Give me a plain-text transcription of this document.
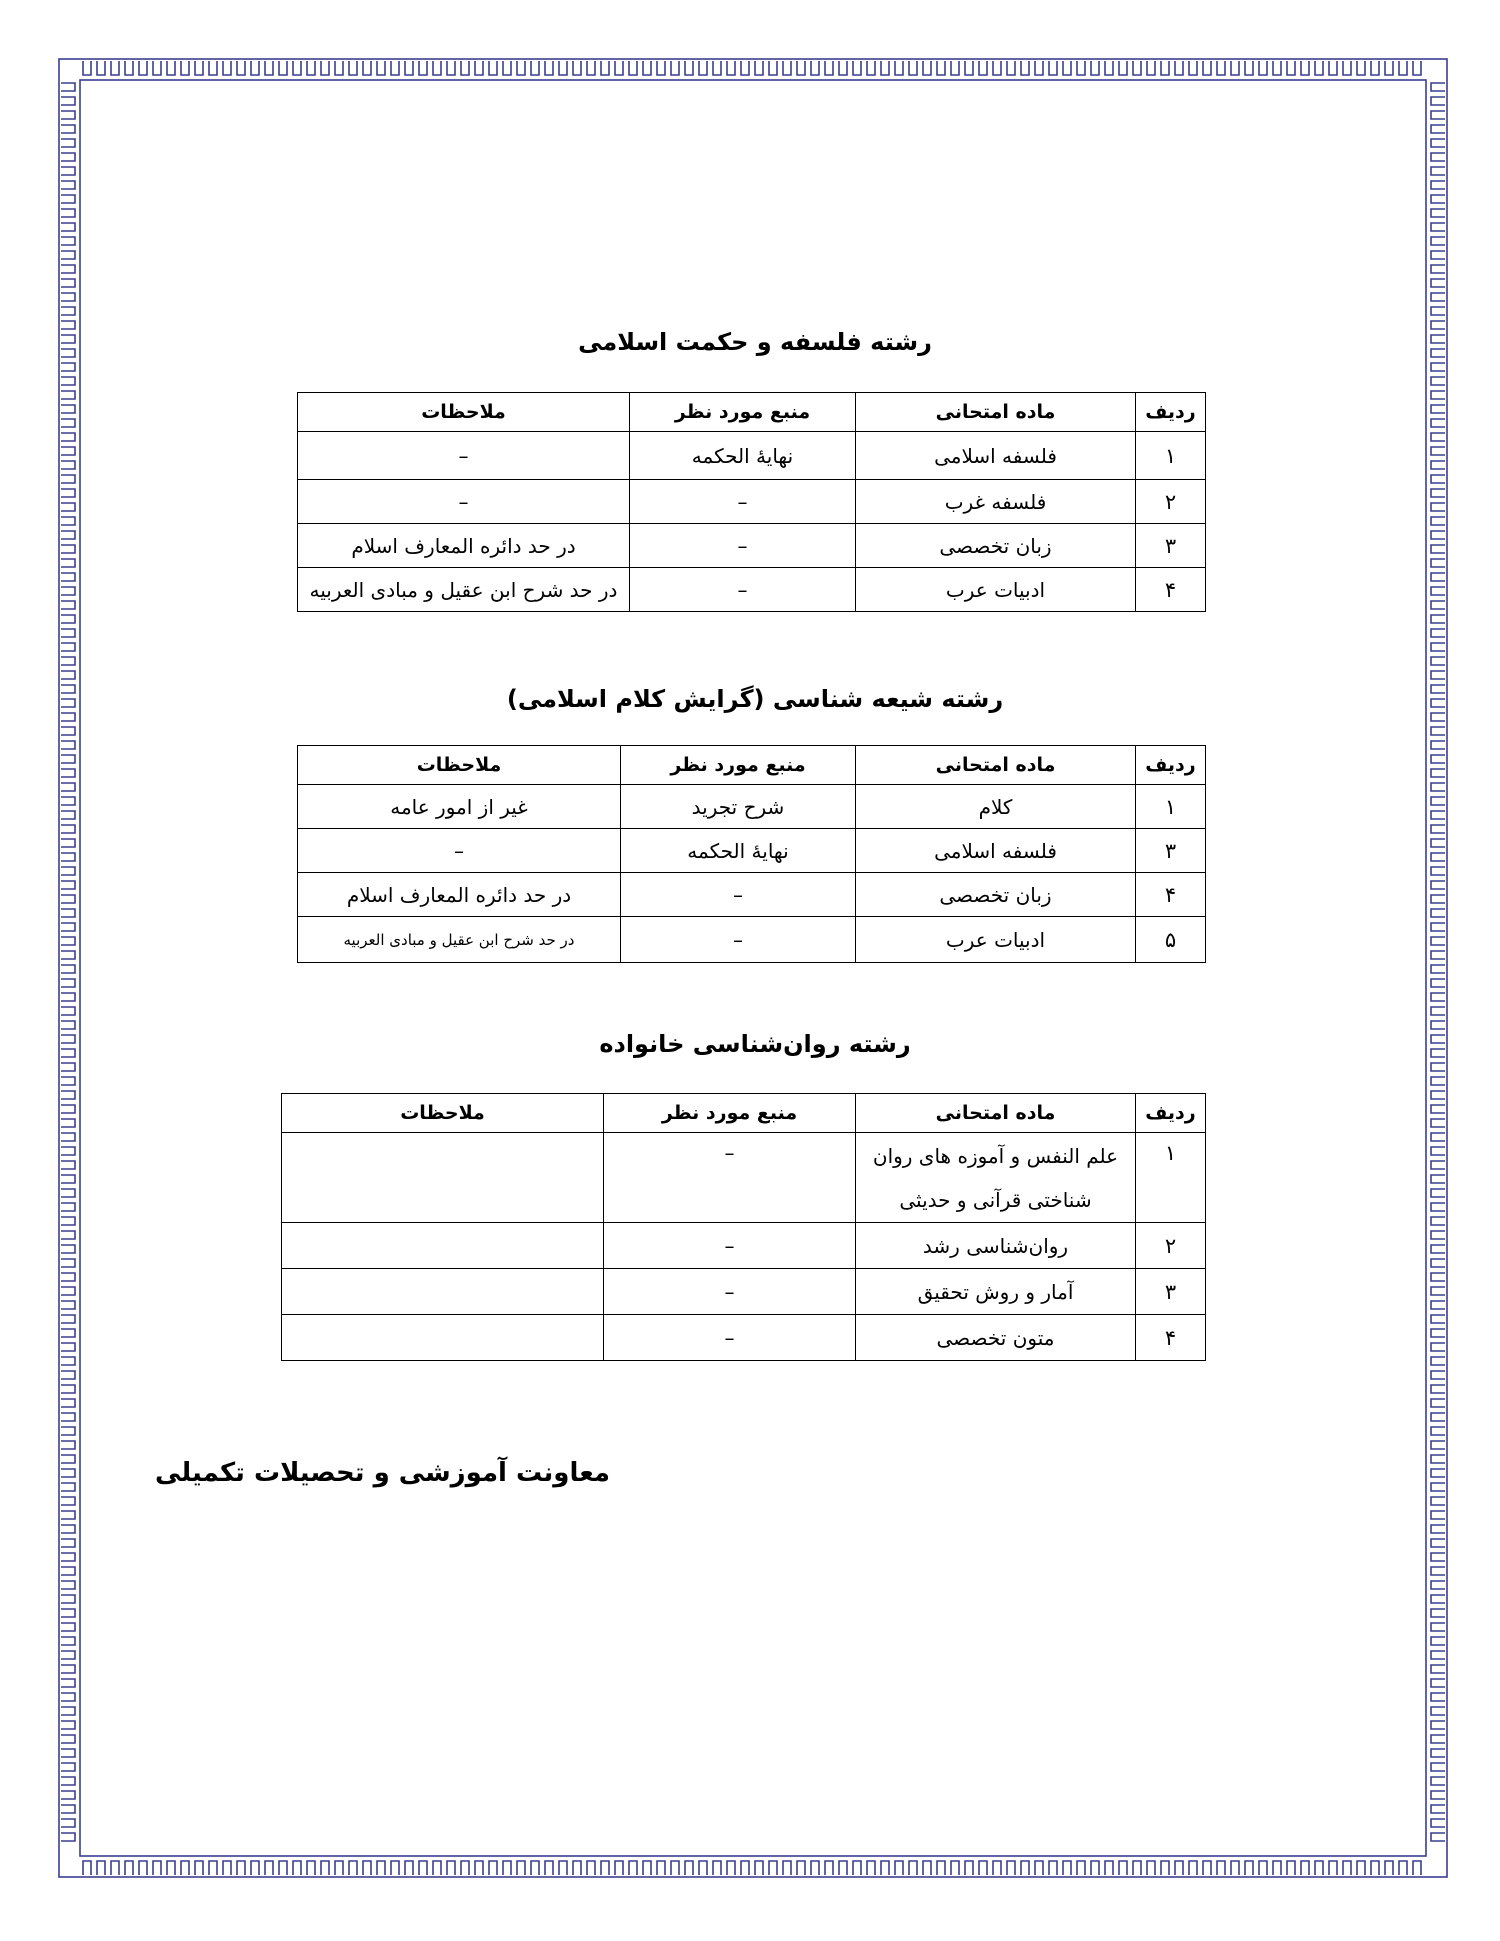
رشته فلسفه و حکمت اسلامی
ردیف	ماده امتحانی	منبع مورد نظر	ملاحظات
۱	فلسفه اسلامی	نهایهٔ الحکمه	–
۲	فلسفه غرب	–	–
۳	زبان تخصصی	–	در حد دائره المعارف اسلام
۴	ادبیات عرب	–	در حد شرح ابن عقیل و مبادی العربیه
رشته شیعه شناسی (گرایش کلام اسلامی)
ردیف	ماده امتحانی	منبع مورد نظر	ملاحظات
۱	کلام	شرح تجرید	غیر از امور عامه
۳	فلسفه اسلامی	نهایهٔ الحکمه	–
۴	زبان تخصصی	–	در حد دائره المعارف اسلام
۵	ادبیات عرب	–	در حد شرح ابن عقیل و مبادی العربیه
رشته روان‌شناسی خانواده
ردیف	ماده امتحانی	منبع مورد نظر	ملاحظات
۱	علم النفس و آموزه های روان شناختی قرآنی و حدیثی	–	
۲	روان‌شناسی رشد	–	
۳	آمار و روش تحقیق	–	
۴	متون تخصصی	–	
معاونت آموزشی و تحصیلات تکمیلی
